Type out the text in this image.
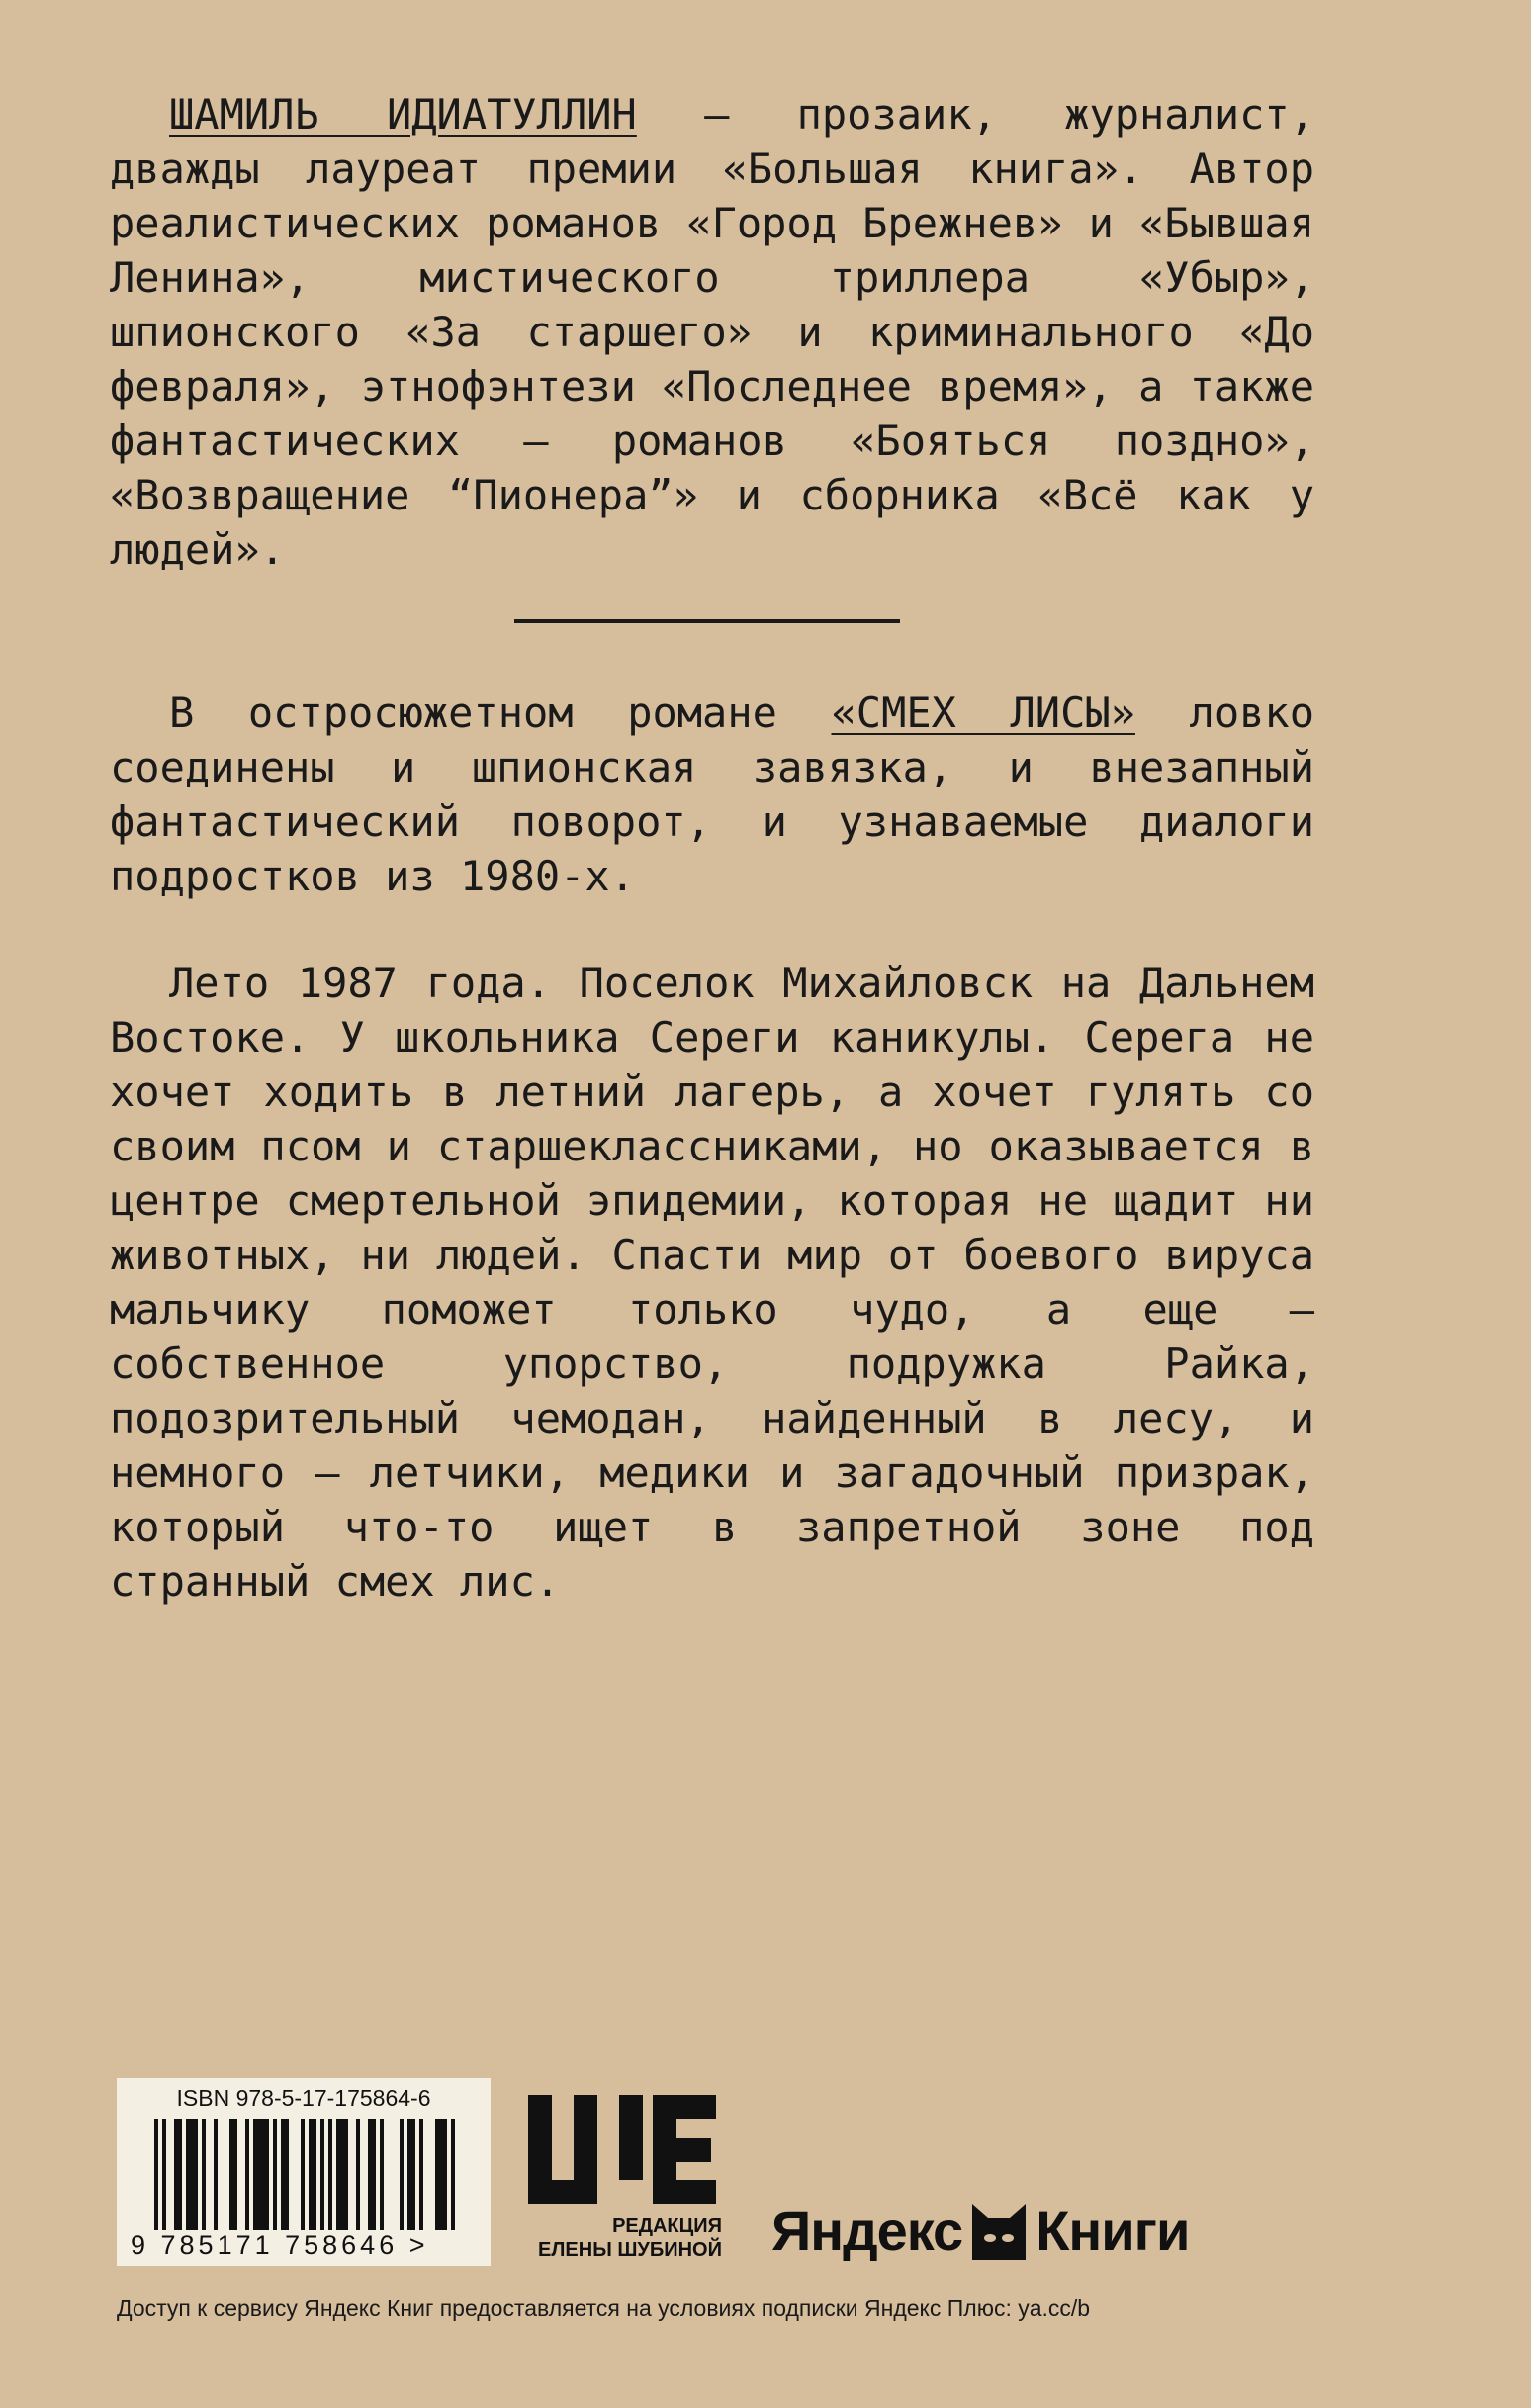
ШАМИЛЬ ИДИАТУЛЛИН — прозаик, журналист, дважды лауреат премии «Большая книга». Автор реалистических романов «Город Брежнев» и «Бывшая Ленина», мистического триллера «Убыр», шпионского «За старшего» и криминального «До февраля», этнофэнтези «Последнее время», а также фантастических — романов «Бояться поздно», «Возвращение “Пионера”» и сборника «Всё как у людей».

В остросюжетном романе «СМЕХ ЛИСЫ» ловко соединены и шпионская завязка, и внезапный фантастический поворот, и узнаваемые диалоги подростков из 1980-х.

Лето 1987 года. Поселок Михайловск на Дальнем Востоке. У школьника Сереги каникулы. Серега не хочет ходить в летний лагерь, а хочет гулять со своим псом и старшеклассниками, но оказывается в центре смертельной эпидемии, которая не щадит ни животных, ни людей. Спасти мир от боевого вируса мальчику поможет только чудо, а еще — собственное упорство, подружка Райка, подозрительный чемодан, найденный в лесу, и немного — летчики, медики и загадочный призрак, который что-то ищет в запретной зоне под странный смех лис.

ISBN 978-5-17-175864-6
9 785171 758646 >
РЕДАКЦИЯ
ЕЛЕНЫ ШУБИНОЙ Яндекс Книги
Доступ к сервису Яндекс Книг предоставляется на условиях подписки Яндекс Плюс: ya.cc/b
